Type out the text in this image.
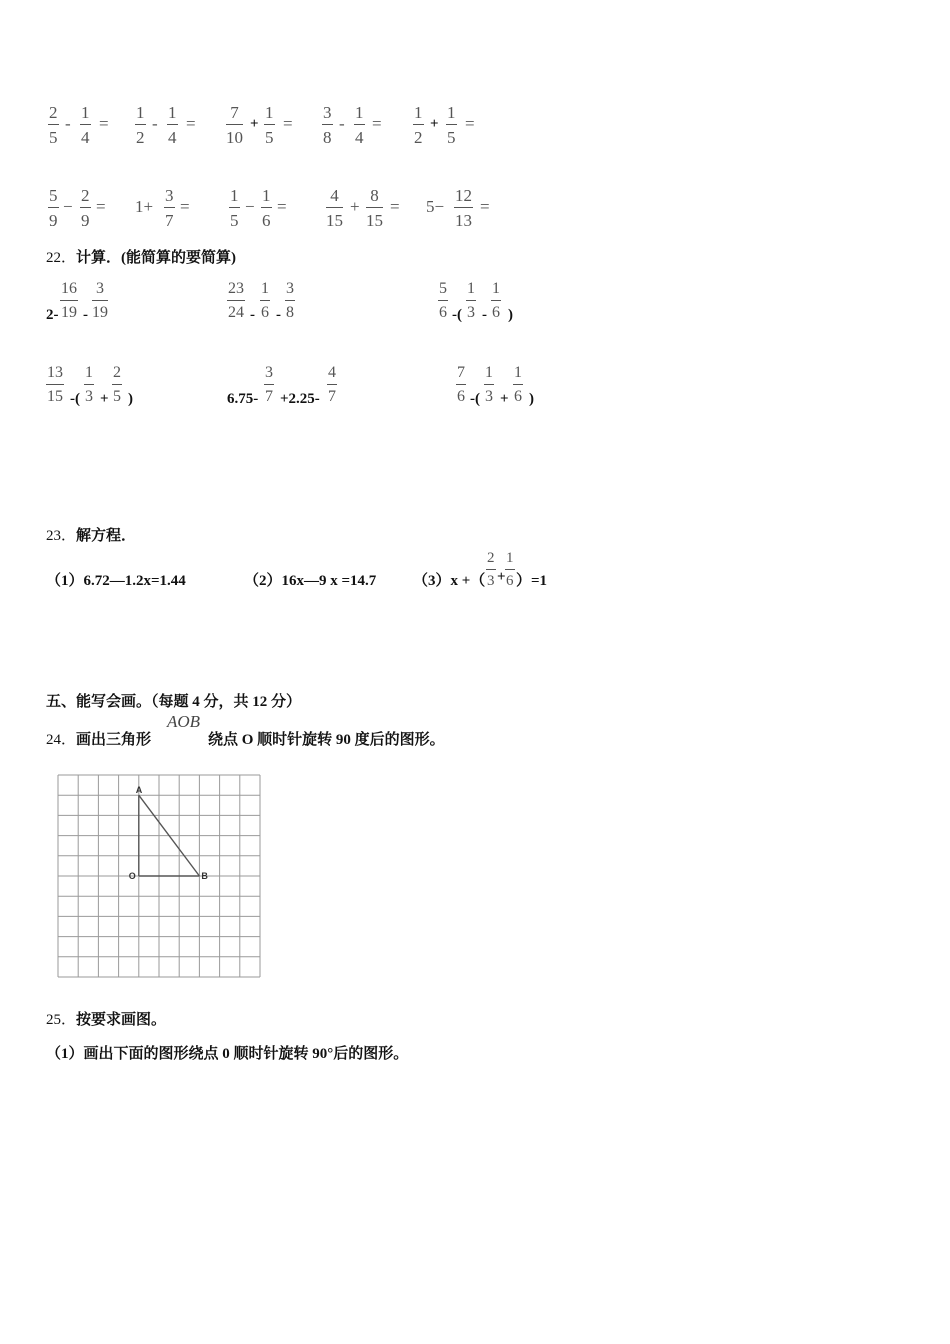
2
5
-
1
4
=
1
2
-
1
4
=
7
10
+
1
5
=
3
8
-
1
4
=
1
2
+
1
5
=
5
9
−
2
9
= 1+
3
7
=
1
5
−
1
6
=
4
15
+
8
15
= 5−
12
13
=
22．计算．(能简算的要简算)
2-
16
19 -
3
19
23
24 -
1
6 -
3
8
5
6 -(
1
3 -
1
6 )
13
15 -(
1
3 +
2
5 )	6.75-
3
7 +2.25-
4
7
7
6 -(
1
3 +
1
6 )
23．解方程．
（1）6.72—1.2x=1.44	（2）16x—9 x =14.7 （3）x +（
2
3 +
1
6 ）=1
五、能写会画。（每题 4 分，共 12 分）
24．画出三角形
AOB
绕点 O 顺时针旋转 90 度后的图形。
A
O	B
25．按要求画图。
（1）画出下面的图形绕点 0 顺时针旋转 90°后的图形。
